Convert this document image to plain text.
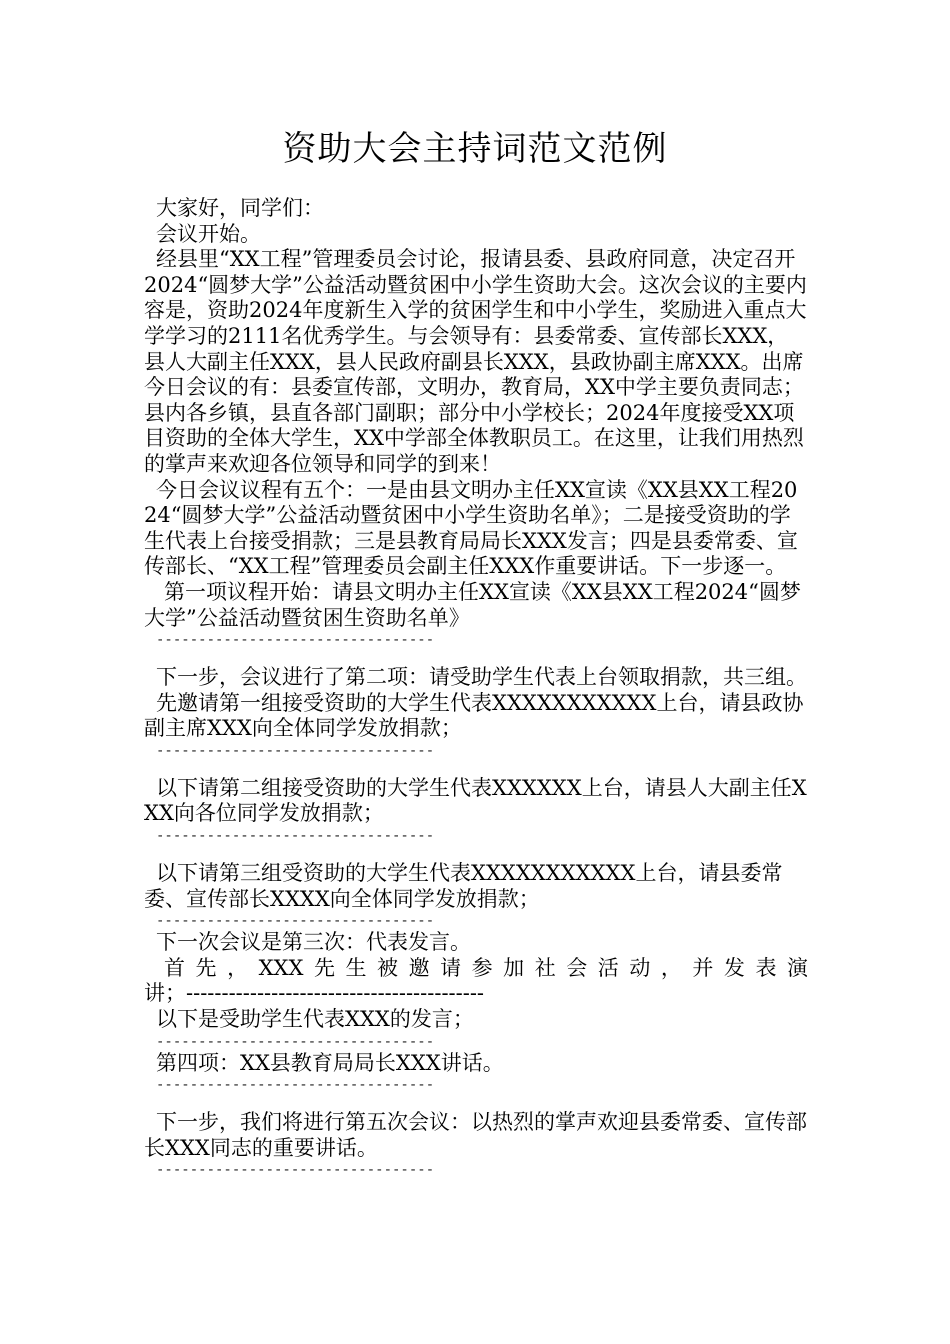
资助大会主持词范文范例

大家好，同学们：

会议开始。

经县里“XX工程”管理委员会讨论，报请县委、县政府同意，决定召开2024“圆梦大学”公益活动暨贫困中小学生资助大会。这次会议的主要内容是，资助2024年度新生入学的贫困学生和中小学生，奖励进入重点大学学习的2111名优秀学生。与会领导有：县委常委、宣传部长XXX，县人大副主任XXX，县人民政府副县长XXX，县政协副主席XXX。出席今日会议的有：县委宣传部，文明办，教育局，XX中学主要负责同志；县内各乡镇，县直各部门副职；部分中小学校长；2024年度接受XX项目资助的全体大学生，XX中学部全体教职员工。在这里，让我们用热烈的掌声来欢迎各位领导和同学的到来！

今日会议议程有五个：一是由县文明办主任XX宣读《XX县XX工程2024“圆梦大学”公益活动暨贫困中小学生资助名单》；二是接受资助的学生代表上台接受捐款；三是县教育局局长XXX发言；四是县委常委、宣传部长、“XX工程”管理委员会副主任XXX作重要讲话。下一步逐一。

第一项议程开始：请县文明办主任XX宣读《XX县XX工程2024“圆梦大学”公益活动暨贫困生资助名单》

---------------------------------

下一步，会议进行了第二项：请受助学生代表上台领取捐款，共三组。

先邀请第一组接受资助的大学生代表XXXXXXXXXXX上台，请县政协副主席XXX向全体同学发放捐款；

---------------------------------

以下请第二组接受资助的大学生代表XXXXXX上台，请县人大副主任XXX向各位同学发放捐款；

---------------------------------

以下请第三组受资助的大学生代表XXXXXXXXXXX上台，请县委常委、宣传部长XXXX向全体同学发放捐款；

---------------------------------

下一次会议是第三次：代表发言。

首先，XXX先生被邀请参加社会活动，并发表演

讲；------------------------------------------

以下是受助学生代表XXX的发言；

---------------------------------

第四项：XX县教育局局长XXX讲话。

---------------------------------

下一步，我们将进行第五次会议：以热烈的掌声欢迎县委常委、宣传部长XXX同志的重要讲话。

---------------------------------
